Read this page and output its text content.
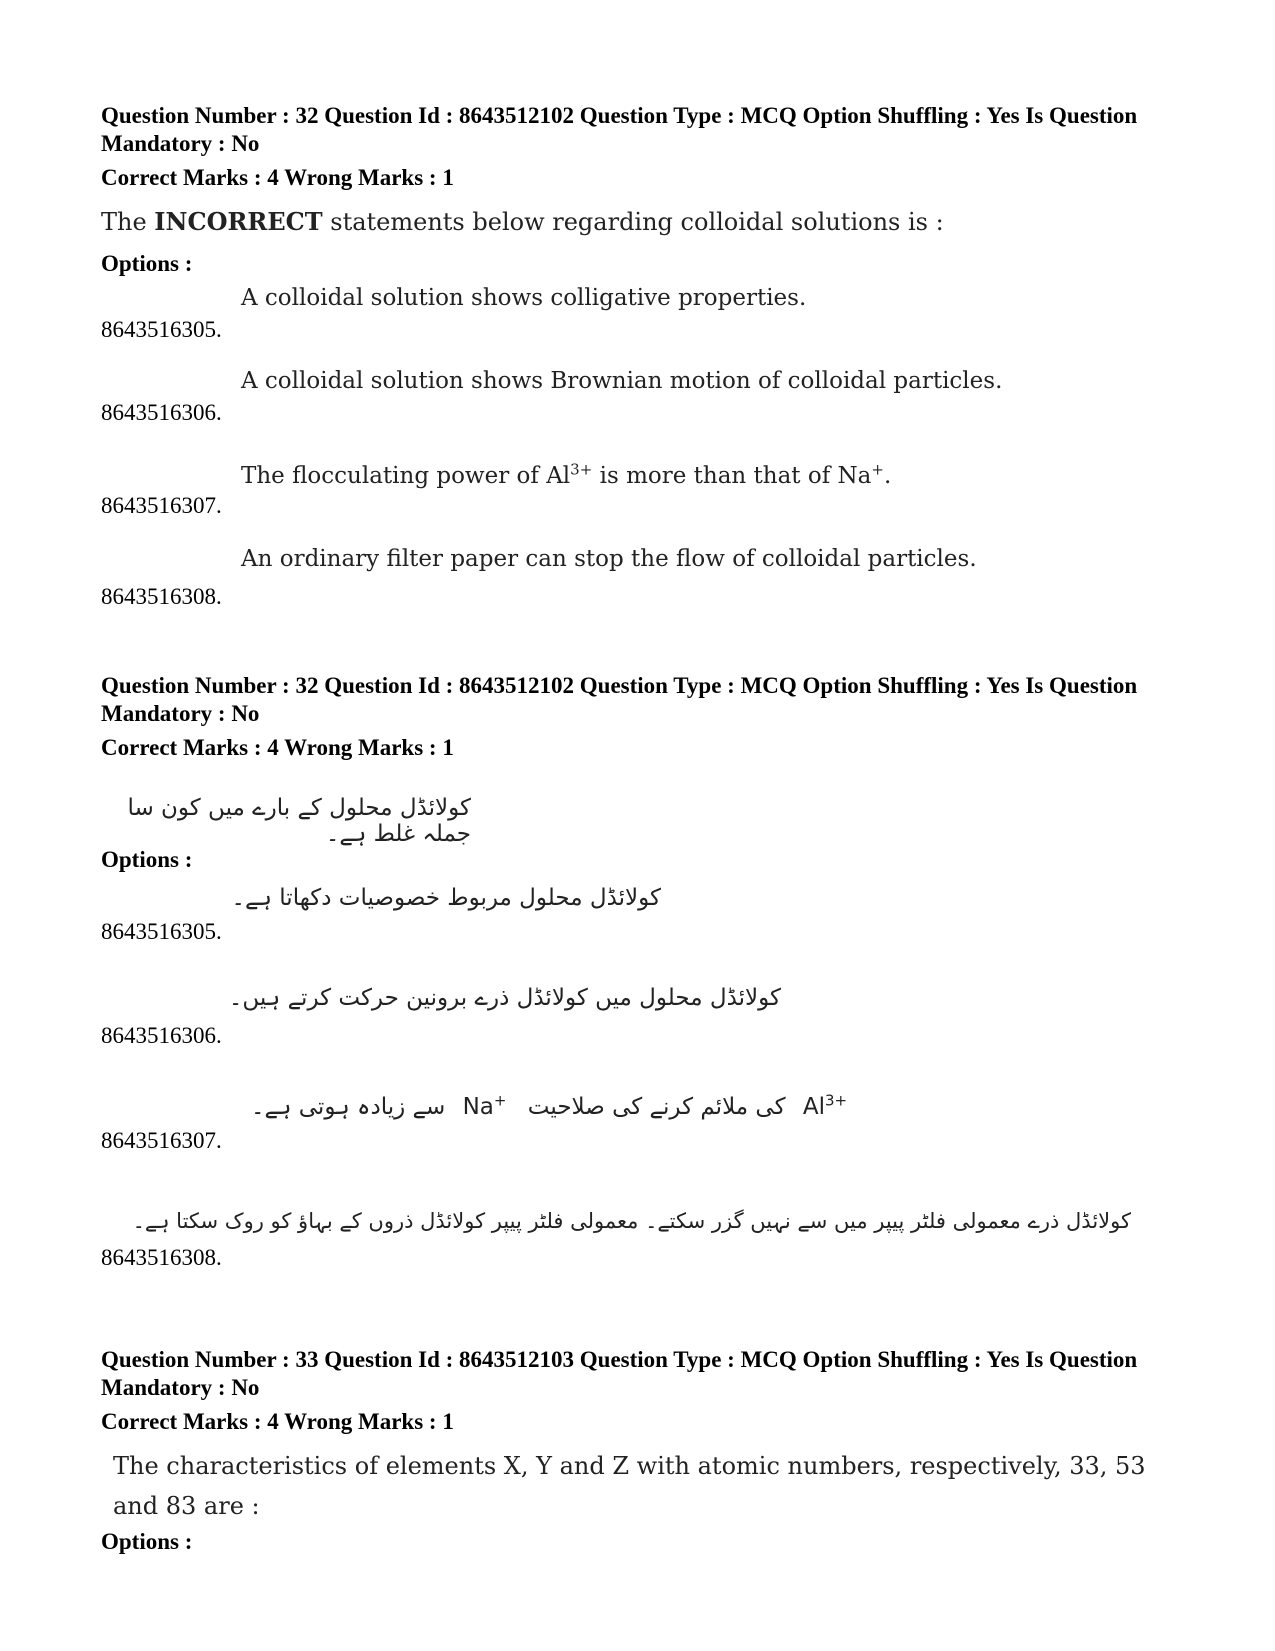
Question Number : 32 Question Id : 8643512102 Question Type : MCQ Option Shuffling : Yes Is Question Mandatory : No
Correct Marks : 4 Wrong Marks : 1
The INCORRECT statements below regarding colloidal solutions is :
Options :
8643516305.
A colloidal solution shows colligative properties.
8643516306.
A colloidal solution shows Brownian motion of colloidal particles.
8643516307.
The flocculating power of $Al^{3+}$ is more than that of Na+.
8643516308.
An ordinary filter paper can stop the flow of colloidal particles.
Question Number : 32 Question Id : 8643512102 Question Type : MCQ Option Shuffling : Yes Is Question Mandatory : No
Correct Marks : 4 Wrong Marks : 1
کولائڈل محلول کے بارے میں کون سا جملہ غلط ہے۔
Options :
8643516305.
کولائڈل محلول مربوط خصوصیات دکھاتا ہے۔
8643516306.
کولائڈل محلول میں کولائڈل ذرے برونین حرکت کرتے ہیں۔
8643516307.
سے زیادہ ہوتی ہے۔ Na+ کی ملائم کرنے کی صلاحیت $Al^{3+}$
8643516308.
کولائڈل ذرے معمولی فلٹر پیپر میں سے نہیں گزر سکتے۔ معمولی فلٹر پیپر کولائڈل ذروں کے بہاؤ کو روک سکتا ہے۔
Question Number : 33 Question Id : 8643512103 Question Type : MCQ Option Shuffling : Yes Is Question Mandatory : No
Correct Marks : 4 Wrong Marks : 1
The characteristics of elements X, Y and Z with atomic numbers, respectively, 33, 53 and 83 are :
Options :
